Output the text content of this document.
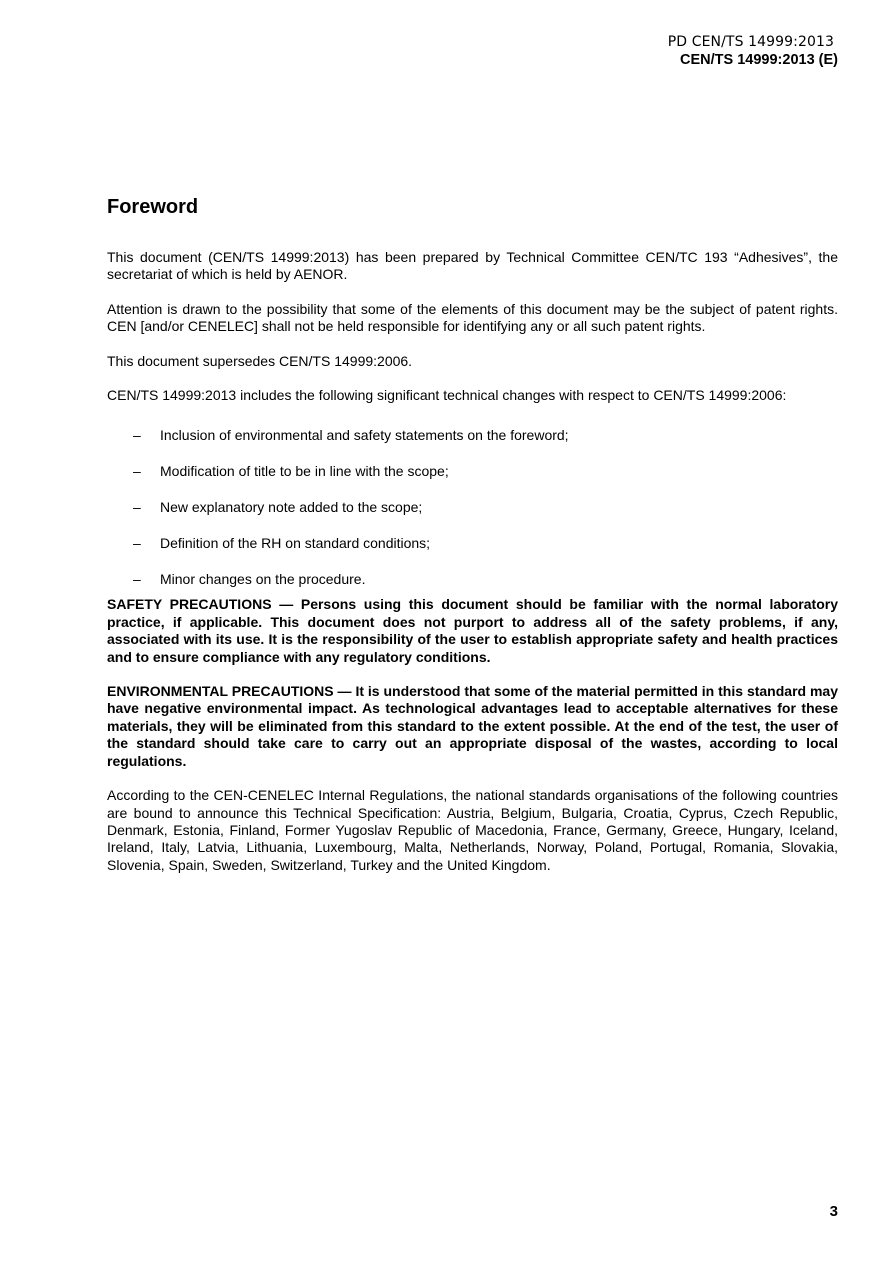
PD CEN/TS 14999:2013
CEN/TS 14999:2013 (E)
Foreword

This document (CEN/TS 14999:2013) has been prepared by Technical Committee CEN/TC 193 “Adhesives”, the secretariat of which is held by AENOR.

Attention is drawn to the possibility that some of the elements of this document may be the subject of patent rights. CEN [and/or CENELEC] shall not be held responsible for identifying any or all such patent rights.

This document supersedes CEN/TS 14999:2006.

CEN/TS 14999:2013 includes the following significant technical changes with respect to CEN/TS 14999:2006:

– Inclusion of environmental and safety statements on the foreword;
– Modification of title to be in line with the scope;
– New explanatory note added to the scope;
– Definition of the RH on standard conditions;
– Minor changes on the procedure.

SAFETY PRECAUTIONS — Persons using this document should be familiar with the normal laboratory practice, if applicable. This document does not purport to address all of the safety problems, if any, associated with its use. It is the responsibility of the user to establish appropriate safety and health practices and to ensure compliance with any regulatory conditions.

ENVIRONMENTAL PRECAUTIONS — It is understood that some of the material permitted in this standard may have negative environmental impact. As technological advantages lead to acceptable alternatives for these materials, they will be eliminated from this standard to the extent possible. At the end of the test, the user of the standard should take care to carry out an appropriate disposal of the wastes, according to local regulations.

According to the CEN-CENELEC Internal Regulations, the national standards organisations of the following countries are bound to announce this Technical Specification: Austria, Belgium, Bulgaria, Croatia, Cyprus, Czech Republic, Denmark, Estonia, Finland, Former Yugoslav Republic of Macedonia, France, Germany, Greece, Hungary, Iceland, Ireland, Italy, Latvia, Lithuania, Luxembourg, Malta, Netherlands, Norway, Poland, Portugal, Romania, Slovakia, Slovenia, Spain, Sweden, Switzerland, Turkey and the United Kingdom.

3
